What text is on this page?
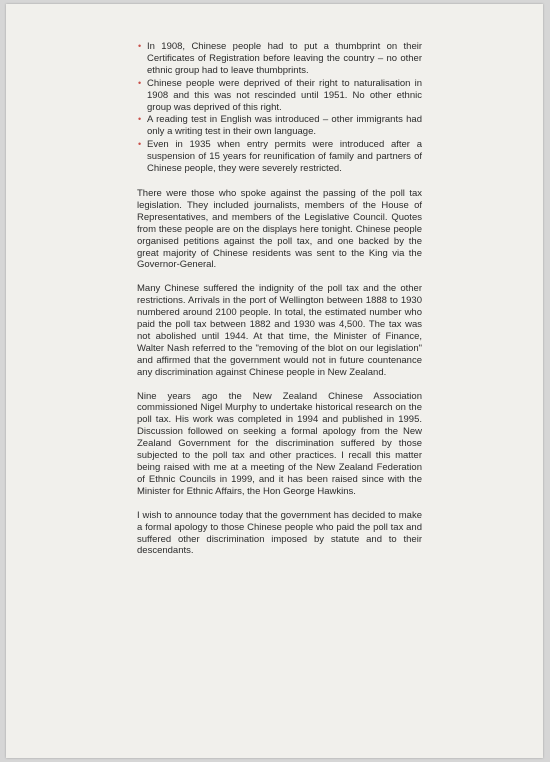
• In 1908, Chinese people had to put a thumbprint on their Certificates of Registration before leaving the country – no other ethnic group had to leave thumbprints.
• Chinese people were deprived of their right to naturalisation in 1908 and this was not rescinded until 1951. No other ethnic group was deprived of this right.
• A reading test in English was introduced – other immigrants had only a writing test in their own language.
• Even in 1935 when entry permits were introduced after a suspension of 15 years for reunification of family and partners of Chinese people, they were severely restricted.

There were those who spoke against the passing of the poll tax legislation. They included journalists, members of the House of Representatives, and members of the Legislative Council. Quotes from these people are on the displays here tonight. Chinese people organised petitions against the poll tax, and one backed by the great majority of Chinese residents was sent to the King via the Governor-General.

Many Chinese suffered the indignity of the poll tax and the other restrictions. Arrivals in the port of Wellington between 1888 to 1930 numbered around 2100 people. In total, the estimated number who paid the poll tax between 1882 and 1930 was 4,500. The tax was not abolished until 1944. At that time, the Minister of Finance, Walter Nash referred to the "removing of the blot on our legislation" and affirmed that the government would not in future countenance any discrimination against Chinese people in New Zealand.

Nine years ago the New Zealand Chinese Association commissioned Nigel Murphy to undertake historical research on the poll tax. His work was completed in 1994 and published in 1995. Discussion followed on seeking a formal apology from the New Zealand Government for the discrimination suffered by those subjected to the poll tax and other practices. I recall this matter being raised with me at a meeting of the New Zealand Federation of Ethnic Councils in 1999, and it has been raised since with the Minister for Ethnic Affairs, the Hon George Hawkins.

I wish to announce today that the government has decided to make a formal apology to those Chinese people who paid the poll tax and suffered other discrimination imposed by statute and to their descendants.
